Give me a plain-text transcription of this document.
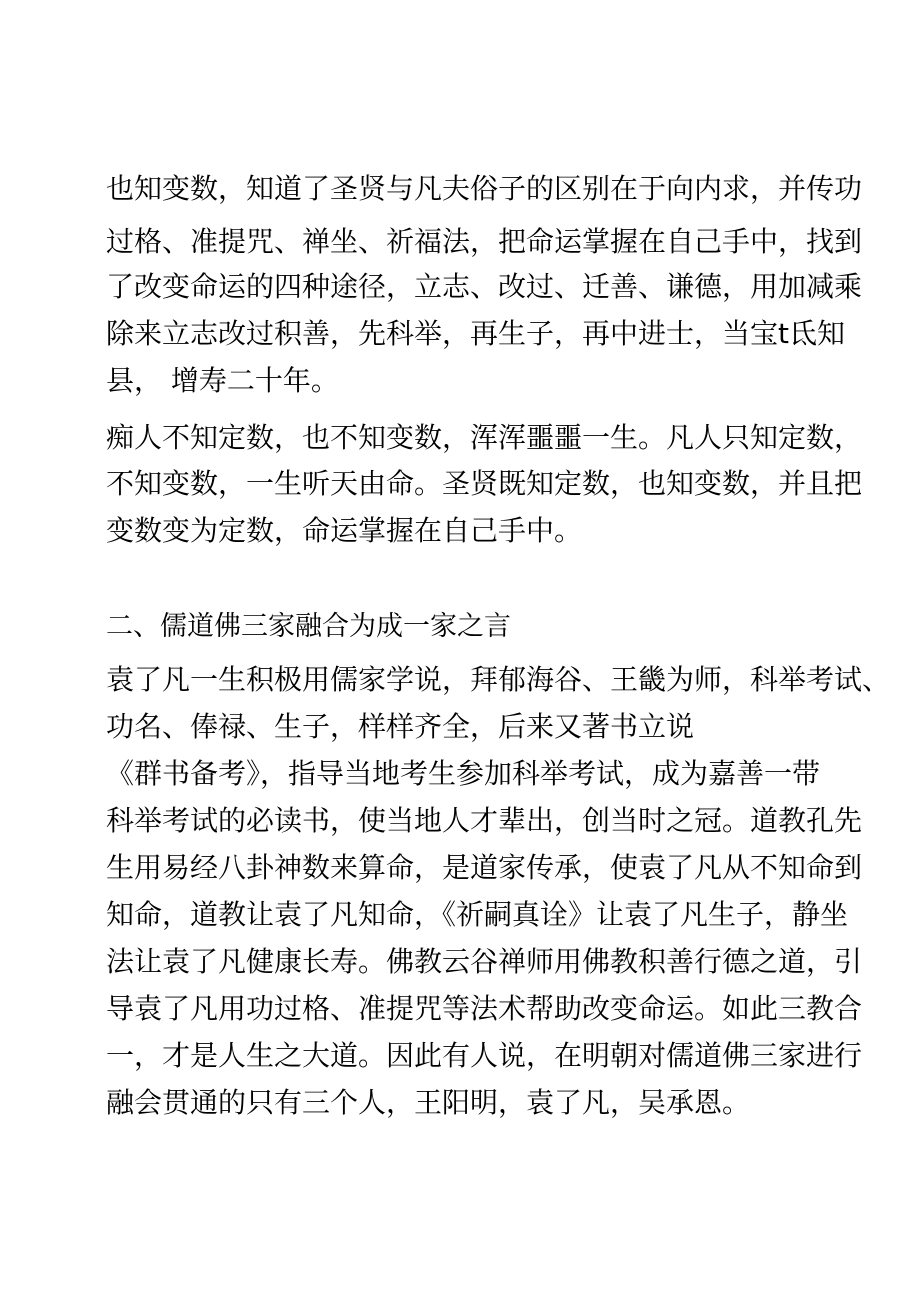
也知变数，知道了圣贤与凡夫俗子的区别在于向内求，并传功
过格、准提咒、禅坐、祈福法，把命运掌握在自己手中，找到
了改变命运的四种途径，立志、改过、迁善、谦德，用加减乘
除来立志改过积善，先科举，再生子，再中进士，当宝t氐知
县， 增寿二十年。
痴人不知定数，也不知变数，浑浑噩噩一生。凡人只知定数，
不知变数，一生听天由命。圣贤既知定数，也知变数，并且把
变数变为定数，命运掌握在自己手中。
二、儒道佛三家融合为成一家之言
袁了凡一生积极用儒家学说，拜郁海谷、王畿为师，科举考试、
功名、俸禄、生子，样样齐全，后来又著书立说
《群书备考》，指导当地考生参加科举考试，成为嘉善一带
科举考试的必读书，使当地人才辈出，创当时之冠。道教孔先
生用易经八卦神数来算命，是道家传承，使袁了凡从不知命到
知命，道教让袁了凡知命，《祈嗣真诠》让袁了凡生子，静坐
法让袁了凡健康长寿。佛教云谷禅师用佛教积善行德之道，引
导袁了凡用功过格、准提咒等法术帮助改变命运。如此三教合
一，才是人生之大道。因此有人说，在明朝对儒道佛三家进行
融会贯通的只有三个人，王阳明，袁了凡，吴承恩。
